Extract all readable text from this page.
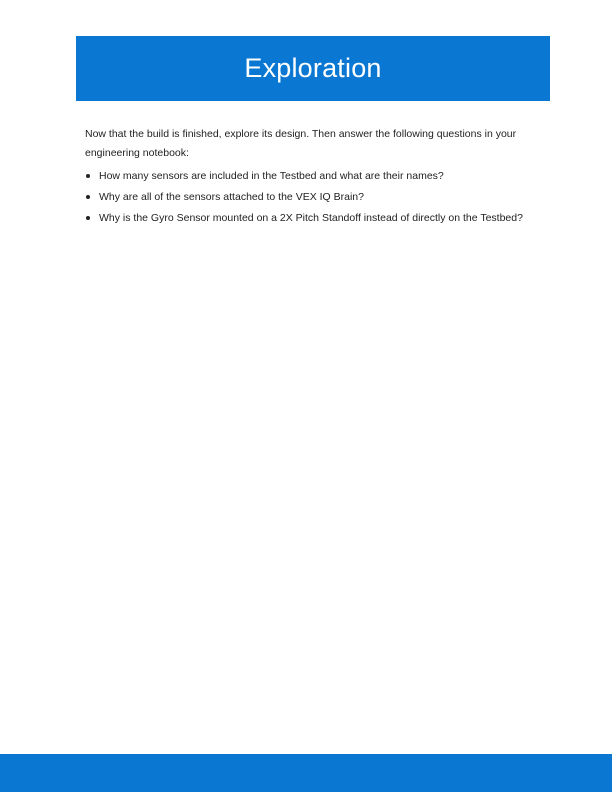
Exploration

Now that the build is finished, explore its design. Then answer the following questions in your engineering notebook:

How many sensors are included in the Testbed and what are their names?
Why are all of the sensors attached to the VEX IQ Brain?
Why is the Gyro Sensor mounted on a 2X Pitch Standoff instead of directly on the Testbed?
